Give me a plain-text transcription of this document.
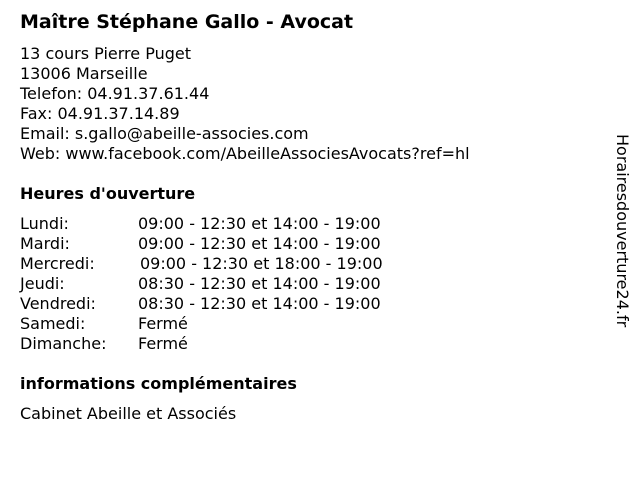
Maître Stéphane Gallo - Avocat
13 cours Pierre Puget
13006 Marseille
Telefon: 04.91.37.61.44
Fax: 04.91.37.14.89
Email: s.gallo@abeille-associes.com
Web: www.facebook.com/AbeilleAssociesAvocats?ref=hl
Heures d'ouverture
Lundi:	09:00 - 12:30 et 14:00 - 19:00
Mardi:	09:00 - 12:30 et 14:00 - 19:00
Mercredi:	09:00 - 12:30 et 18:00 - 19:00
Jeudi:	08:30 - 12:30 et 14:00 - 19:00
Vendredi:	08:30 - 12:30 et 14:00 - 19:00
Samedi:	Fermé
Dimanche: Fermé
informations complémentaires
Cabinet Abeille et Associés
Horairesdouverture24.fr
